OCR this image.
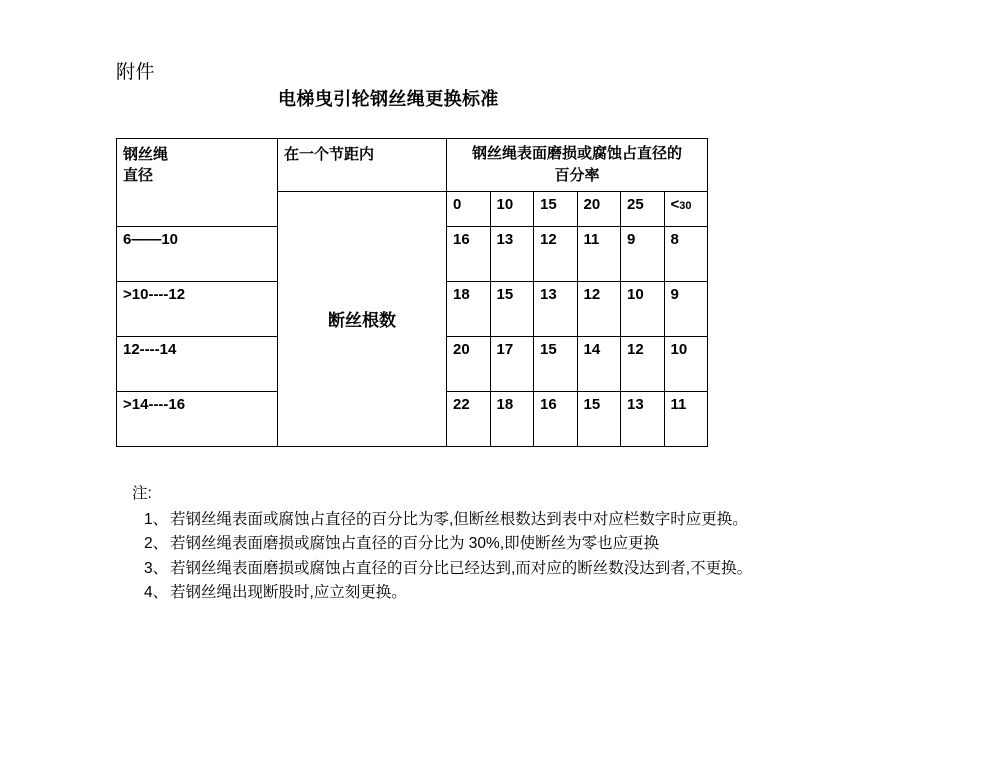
附件
电梯曳引轮钢丝绳更换标准
钢丝绳
直径
	在一个节距内	钢丝绳表面磨损或腐蚀占直径的
百分率

	断丝根数	0	10	15	20	25	<30
6——10		16	13	12	11	9	8
>10----12		18	15	13	12	10	9
12----14		20	17	15	14	12	10
>14----16		22	18	16	15	13	11
注:
1、 若钢丝绳表面或腐蚀占直径的百分比为零,但断丝根数达到表中对应栏数字时应更换。
2、 若钢丝绳表面磨损或腐蚀占直径的百分比为 30%,即使断丝为零也应更换
3、 若钢丝绳表面磨损或腐蚀占直径的百分比已经达到,而对应的断丝数没达到者,不更换。
4、 若钢丝绳出现断股时,应立刻更换。
